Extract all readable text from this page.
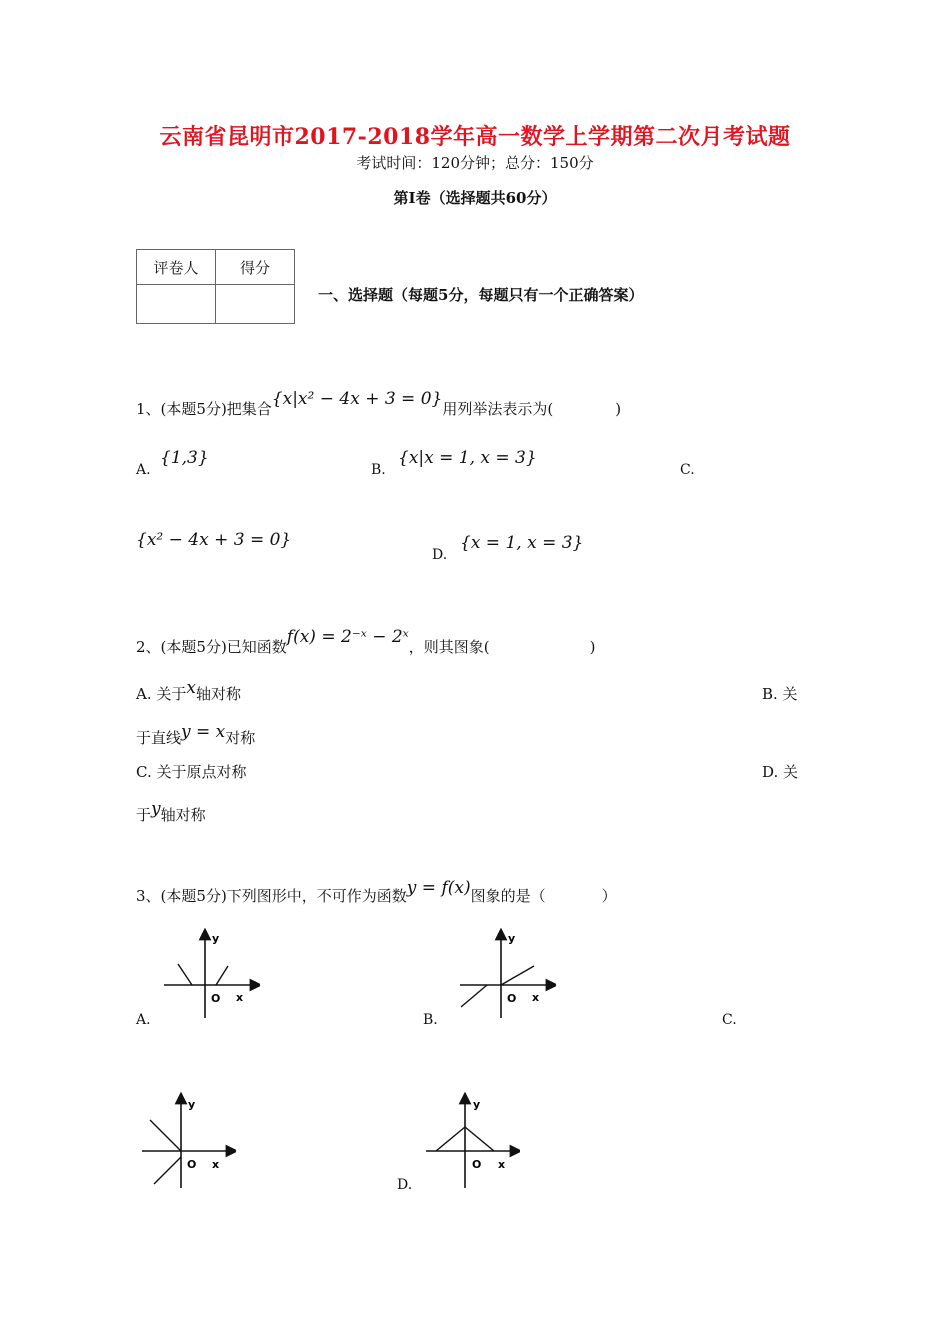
云南省昆明市2017-2018学年高一数学上学期第二次月考试题
考试时间：120分钟；总分：150分
第Ⅰ卷（选择题共60分）
评卷人	得分

一、选择题（每题5分，每题只有一个正确答案）
1、(本题5分)把集合{x|x² − 4x + 3 = 0}用列举法表示为(	)
A.
{1,3}
B.
{x|x = 1, x = 3}
C.
{x² − 4x + 3 = 0}
D.
{x = 1, x = 3}
2、(本题5分)已知函数f(x) = 2⁻ˣ − 2ˣ，则其图象(	)
A. 关于x轴对称	B. 关
于直线y = x对称
C. 关于原点对称	D. 关
于y轴对称
3、(本题5分)下列图形中，不可作为函数y = f(x)图象的是（	）
y
O x
A.
y
O x
B.	C.
y
O x
y
O x
D.
